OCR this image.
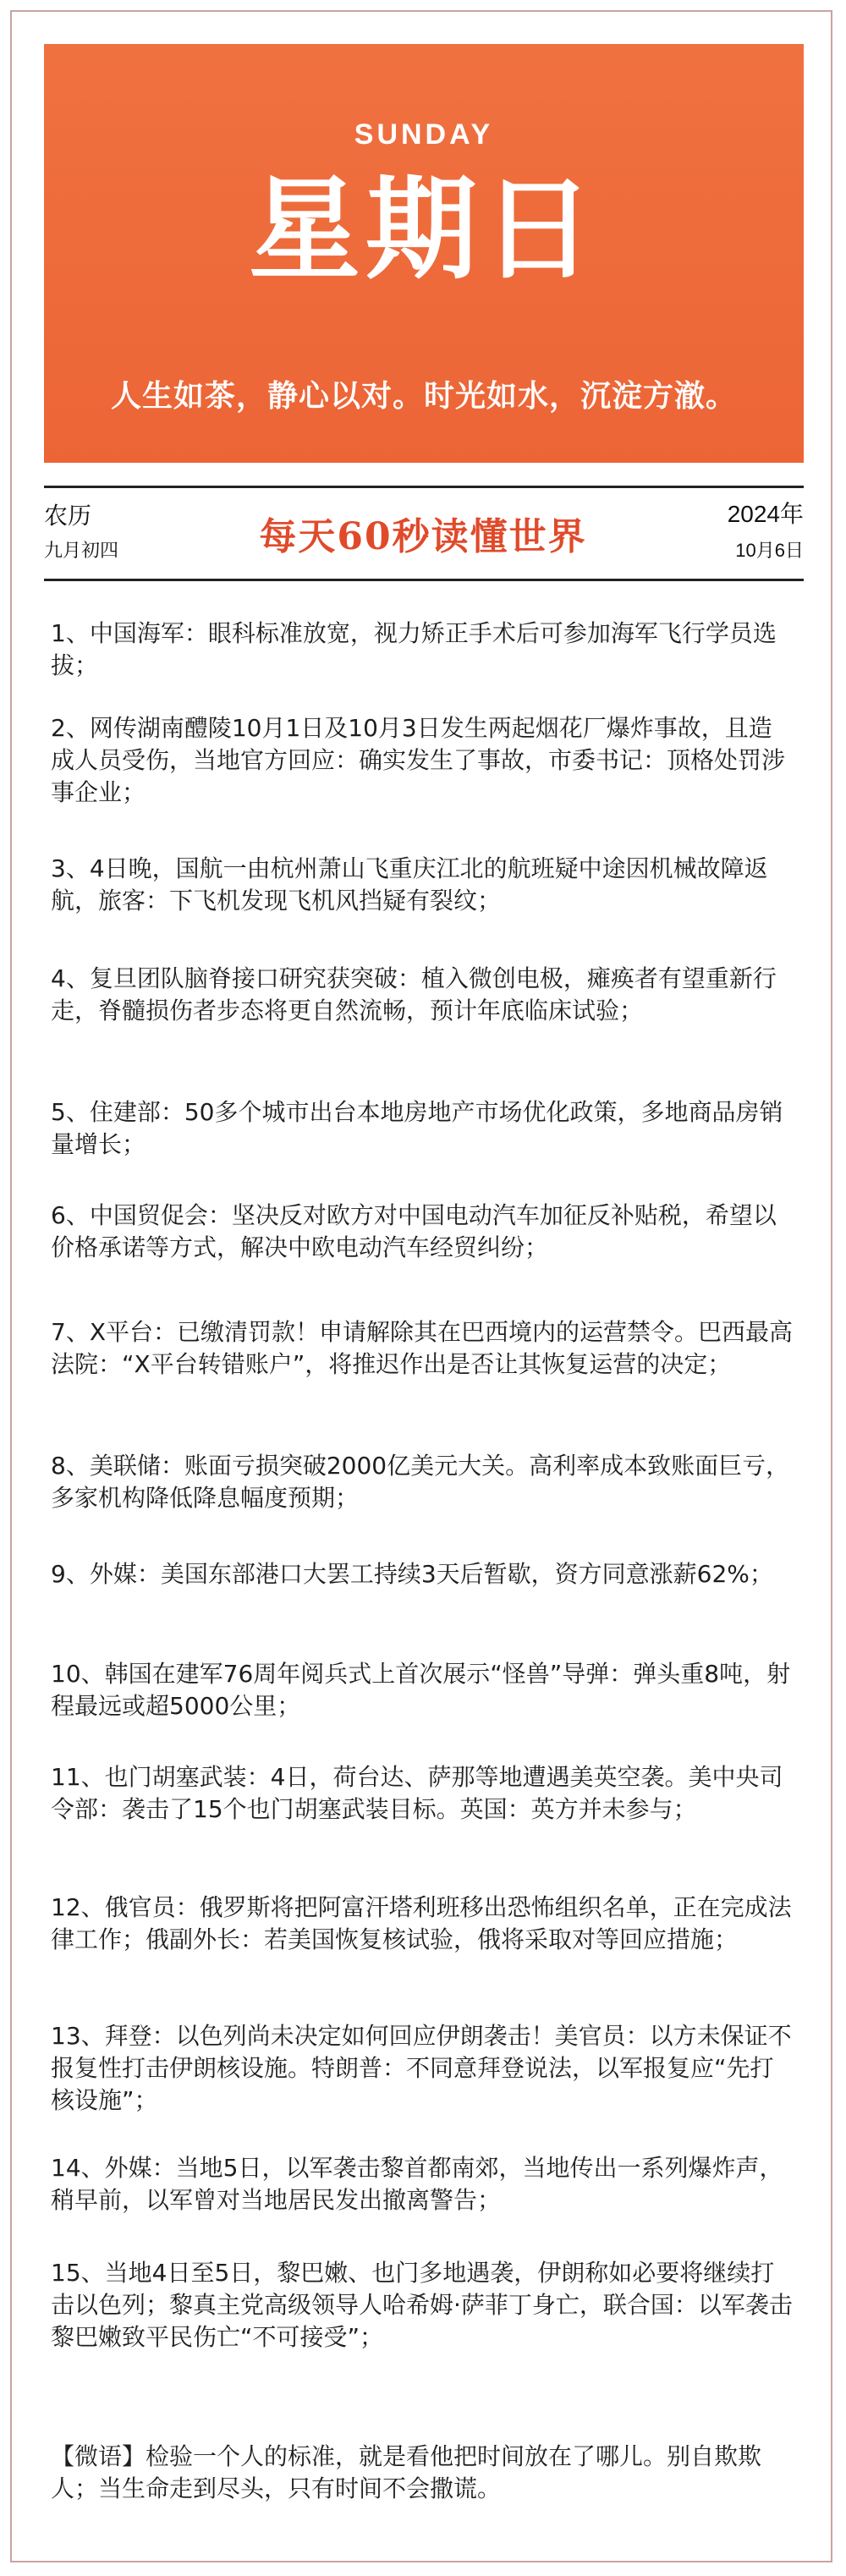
SUNDAY
星期日
人生如茶，静心以对。时光如水，沉淀方澈。
农历
九月初四	每天60秒读懂世界
2024年
10月6日

1、中国海军：眼科标准放宽，视力矫正手术后可参加海军飞行学员选拔；

2、网传湖南醴陵10月1日及10月3日发生两起烟花厂爆炸事故，且造成人员受伤，当地官方回应：确实发生了事故，市委书记：顶格处罚涉事企业；

3、4日晚，国航一由杭州萧山飞重庆江北的航班疑中途因机械故障返航，旅客：下飞机发现飞机风挡疑有裂纹；

4、复旦团队脑脊接口研究获突破：植入微创电极，瘫痪者有望重新行走，脊髓损伤者步态将更自然流畅，预计年底临床试验；

5、住建部：50多个城市出台本地房地产市场优化政策，多地商品房销量增长；

6、中国贸促会：坚决反对欧方对中国电动汽车加征反补贴税，希望以价格承诺等方式，解决中欧电动汽车经贸纠纷；

7、X平台：已缴清罚款！申请解除其在巴西境内的运营禁令。巴西最高法院：“X平台转错账户”，将推迟作出是否让其恢复运营的决定；

8、美联储：账面亏损突破2000亿美元大关。高利率成本致账面巨亏，多家机构降低降息幅度预期；

9、外媒：美国东部港口大罢工持续3天后暂歇，资方同意涨薪62%；

10、韩国在建军76周年阅兵式上首次展示“怪兽”导弹：弹头重8吨，射程最远或超5000公里；

11、也门胡塞武装：4日，荷台达、萨那等地遭遇美英空袭。美中央司令部：袭击了15个也门胡塞武装目标。英国：英方并未参与；

12、俄官员：俄罗斯将把阿富汗塔利班移出恐怖组织名单，正在完成法律工作；俄副外长：若美国恢复核试验，俄将采取对等回应措施；

13、拜登：以色列尚未决定如何回应伊朗袭击！美官员：以方未保证不报复性打击伊朗核设施。特朗普：不同意拜登说法，以军报复应“先打核设施”；

14、外媒：当地5日，以军袭击黎首都南郊，当地传出一系列爆炸声，稍早前，以军曾对当地居民发出撤离警告；

15、当地4日至5日，黎巴嫩、也门多地遇袭，伊朗称如必要将继续打击以色列；黎真主党高级领导人哈希姆·萨菲丁身亡，联合国：以军袭击黎巴嫩致平民伤亡“不可接受”；

【微语】检验一个人的标准，就是看他把时间放在了哪儿。别自欺欺人；当生命走到尽头，只有时间不会撒谎。
